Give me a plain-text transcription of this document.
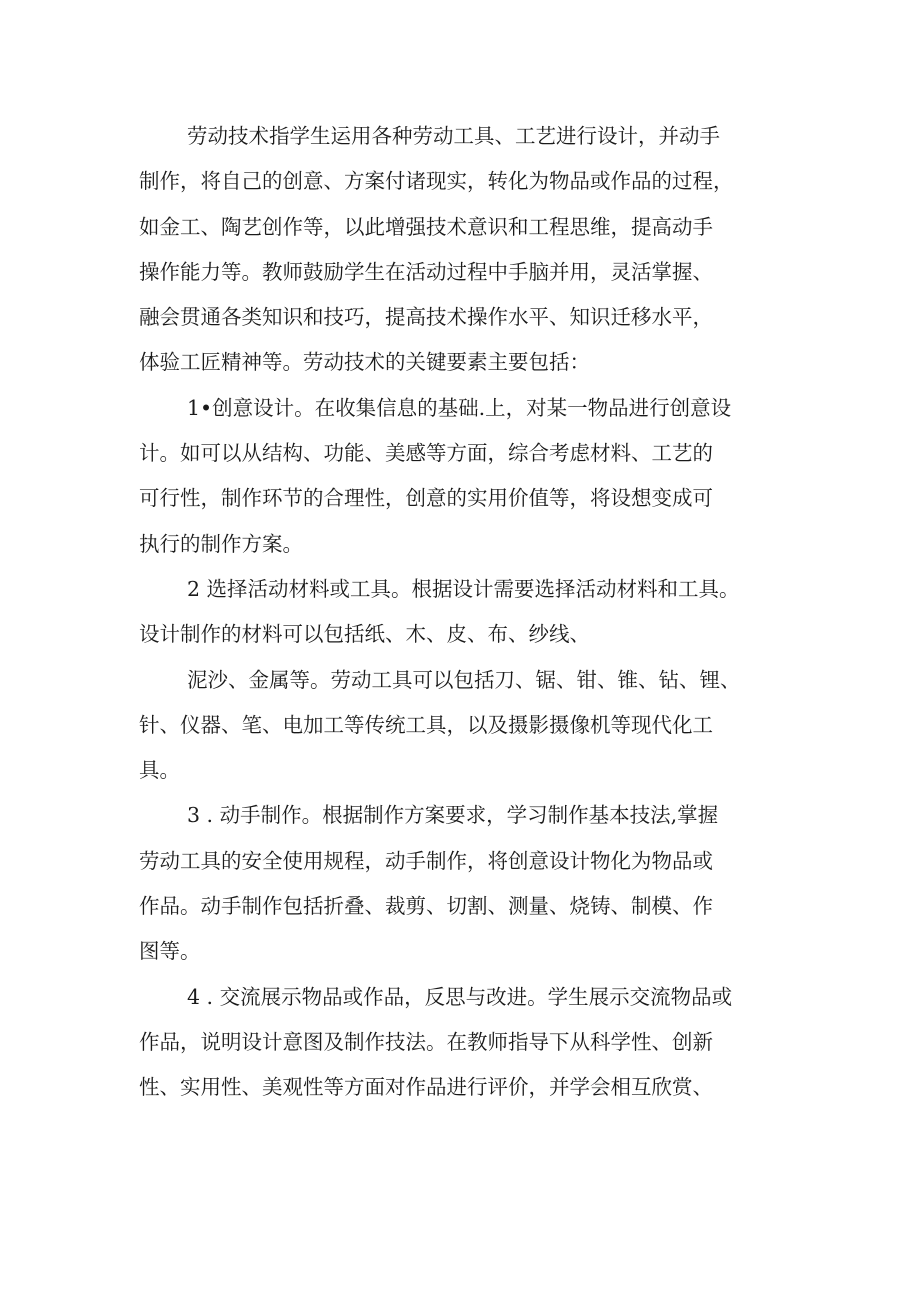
劳动技术指学生运用各种劳动工具、工艺进行设计，并动手
制作，将自己的创意、方案付诸现实，转化为物品或作品的过程，
如金工、陶艺创作等，以此增强技术意识和工程思维，提高动手
操作能力等。教师鼓励学生在活动过程中手脑并用，灵活掌握、
融会贯通各类知识和技巧，提高技术操作水平、知识迁移水平，
体验工匠精神等。劳动技术的关键要素主要包括：
1•创意设计。在收集信息的基础.上，对某一物品进行创意设
计。如可以从结构、功能、美感等方面，综合考虑材料、工艺的
可行性，制作环节的合理性，创意的实用价值等，将设想变成可
执行的制作方案。
2 选择活动材料或工具。根据设计需要选择活动材料和工具。
设计制作的材料可以包括纸、木、皮、布、纱线、
泥沙、金属等。劳动工具可以包括刀、锯、钳、锥、钻、锂、
针、仪器、笔、电加工等传统工具，以及摄影摄像机等现代化工
具。
3 . 动手制作。根据制作方案要求，学习制作基本技法,掌握
劳动工具的安全使用规程，动手制作，将创意设计物化为物品或
作品。动手制作包括折叠、裁剪、切割、测量、烧铸、制模、作
图等。
4 . 交流展示物品或作品，反思与改进。学生展示交流物品或
作品，说明设计意图及制作技法。在教师指导下从科学性、创新
性、实用性、美观性等方面对作品进行评价，并学会相互欣赏、
